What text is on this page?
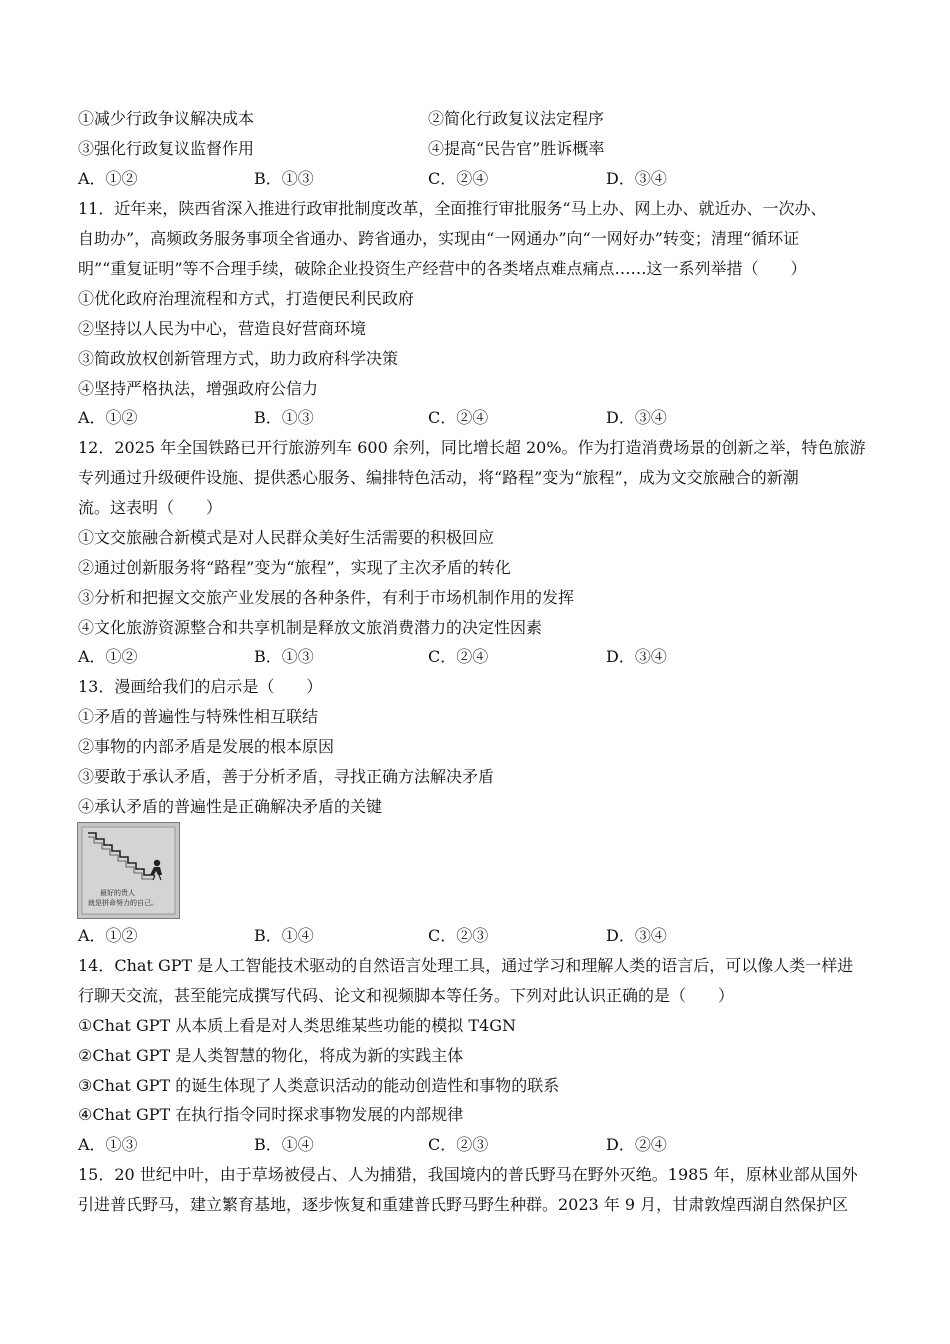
①减少行政争议解决成本	②简化行政复议法定程序
③强化行政复议监督作用	④提高“民告官”胜诉概率
A．①②	B．①③	C．②④	D．③④
11．近年来，陕西省深入推进行政审批制度改革，全面推行审批服务“马上办、网上办、就近办、一次办、
自助办”，高频政务服务事项全省通办、跨省通办，实现由“一网通办”向“一网好办”转变；清理“循环证
明”“重复证明”等不合理手续，破除企业投资生产经营中的各类堵点难点痛点……这一系列举措（　　）
①优化政府治理流程和方式，打造便民利民政府
②坚持以人民为中心，营造良好营商环境
③简政放权创新管理方式，助力政府科学决策
④坚持严格执法，增强政府公信力
A．①②	B．①③	C．②④	D．③④
12．2025 年全国铁路已开行旅游列车 600 余列，同比增长超 20%。作为打造消费场景的创新之举，特色旅游
专列通过升级硬件设施、提供悉心服务、编排特色活动，将“路程”变为“旅程”，成为文交旅融合的新潮
流。这表明（　　）
①文交旅融合新模式是对人民群众美好生活需要的积极回应
②通过创新服务将“路程”变为“旅程”，实现了主次矛盾的转化
③分析和把握文交旅产业发展的各种条件，有利于市场机制作用的发挥
④文化旅游资源整合和共享机制是释放文旅消费潜力的决定性因素
A．①②	B．①③	C．②④	D．③④
13．漫画给我们的启示是（　　）
①矛盾的普遍性与特殊性相互联结
②事物的内部矛盾是发展的根本原因
③要敢于承认矛盾，善于分析矛盾，寻找正确方法解决矛盾
④承认矛盾的普遍性是正确解决矛盾的关键
最好的贵人
就是拼命努力的自己。
A．①②	B．①④	C．②③	D．③④
14．Chat GPT 是人工智能技术驱动的自然语言处理工具，通过学习和理解人类的语言后，可以像人类一样进
行聊天交流，甚至能完成撰写代码、论文和视频脚本等任务。下列对此认识正确的是（　　）
①Chat GPT 从本质上看是对人类思维某些功能的模拟 T4GN
②Chat GPT 是人类智慧的物化，将成为新的实践主体
③Chat GPT 的诞生体现了人类意识活动的能动创造性和事物的联系
④Chat GPT 在执行指令同时探求事物发展的内部规律
A．①③	B．①④	C．②③	D．②④
15．20 世纪中叶，由于草场被侵占、人为捕猎，我国境内的普氏野马在野外灭绝。1985 年，原林业部从国外
引进普氏野马，建立繁育基地，逐步恢复和重建普氏野马野生种群。2023 年 9 月，甘肃敦煌西湖自然保护区
